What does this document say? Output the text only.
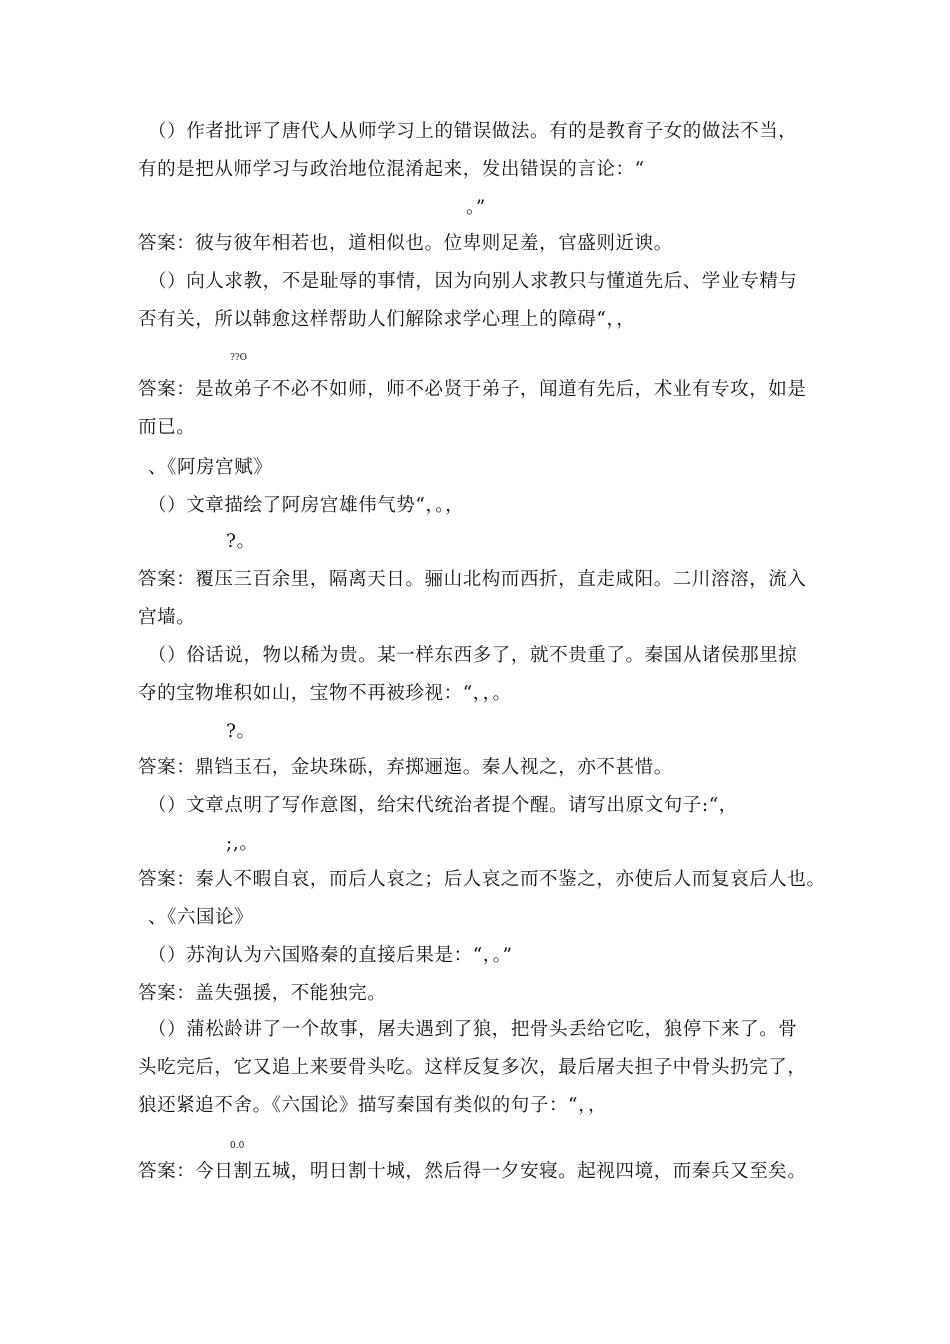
（）作者批评了唐代人从师学习上的错误做法。有的是教育子女的做法不当，
有的是把从师学习与政治地位混淆起来，发出错误的言论：“
。”
答案：彼与彼年相若也，道相似也。位卑则足羞，官盛则近谀。
（）向人求教，不是耻辱的事情，因为向别人求教只与懂道先后、学业专精与
否有关，所以韩愈这样帮助人们解除求学心理上的障碍“，，
??O
答案：是故弟子不必不如师，师不必贤于弟子，闻道有先后，术业有专攻，如是
而已。
、《阿房宫赋》
（）文章描绘了阿房宫雄伟气势“，。，
?。
答案：覆压三百余里，隔离天日。骊山北构而西折，直走咸阳。二川溶溶，流入
宫墙。
（）俗话说，物以稀为贵。某一样东西多了，就不贵重了。秦国从诸侯那里掠
夺的宝物堆积如山，宝物不再被珍视：“，，。
?。
答案：鼎铛玉石，金块珠砾，弃掷逦迤。秦人视之，亦不甚惜。
（）文章点明了写作意图，给宋代统治者提个醒。请写出原文句子:“，
;,。
答案：秦人不暇自哀，而后人哀之；后人哀之而不鉴之，亦使后人而复哀后人也。
、《六国论》
（）苏洵认为六国赂秦的直接后果是：“，。”
答案：盖失强援，不能独完。
（）蒲松龄讲了一个故事，屠夫遇到了狼，把骨头丢给它吃，狼停下来了。骨
头吃完后，它又追上来要骨头吃。这样反复多次，最后屠夫担子中骨头扔完了，
狼还紧追不舍。《六国论》描写秦国有类似的句子：“，，
0.0
答案：今日割五城，明日割十城，然后得一夕安寝。起视四境，而秦兵又至矣。
